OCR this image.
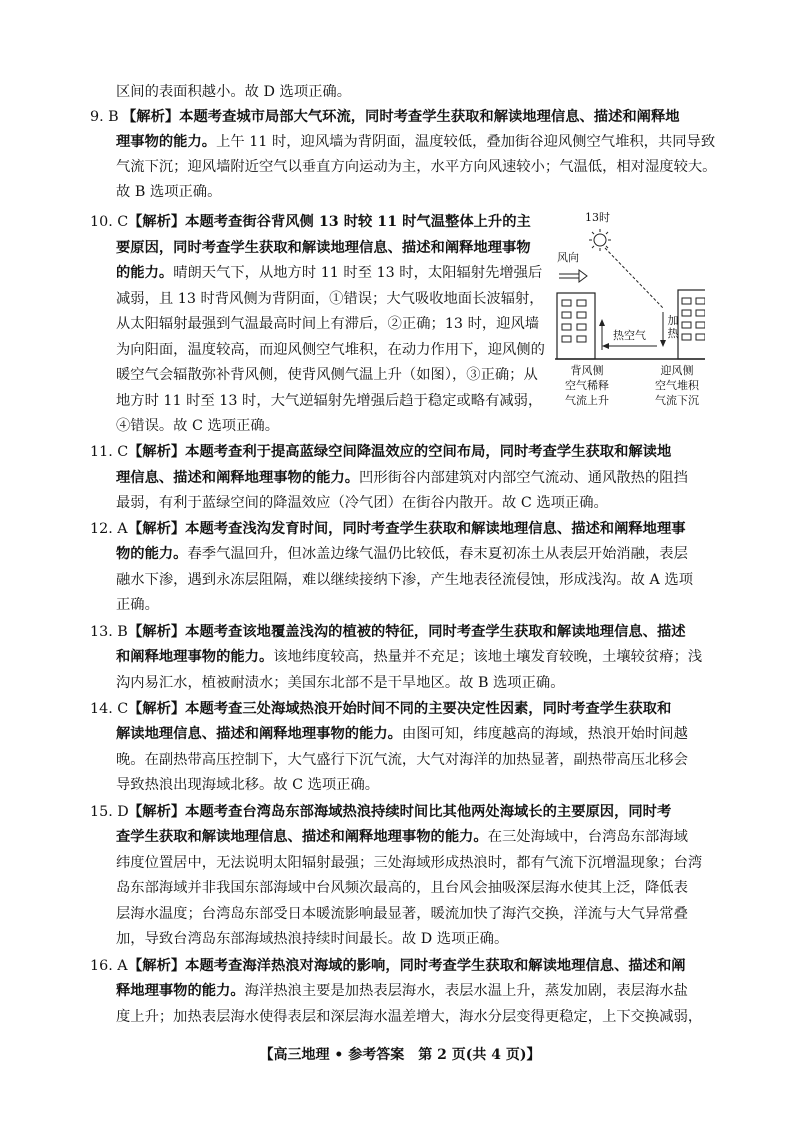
区间的表面积越小。故 D 选项正确。
9. B 【解析】本题考查城市局部大气环流，同时考查学生获取和解读地理信息、描述和阐释地
理事物的能力。上午 11 时，迎风墙为背阴面，温度较低，叠加街谷迎风侧空气堆积，共同导致
气流下沉；迎风墙附近空气以垂直方向运动为主，水平方向风速较小；气温低，相对湿度较大。
故 B 选项正确。
10. C 【解析】本题考查街谷背风侧 13 时较 11 时气温整体上升的主
要原因，同时考查学生获取和解读地理信息、描述和阐释地理事物
的能力。晴朗天气下，从地方时 11 时至 13 时，太阳辐射先增强后
减弱，且 13 时背风侧为背阴面，①错误；大气吸收地面长波辐射，
从太阳辐射最强到气温最高时间上有滞后，②正确；13 时，迎风墙
为向阳面，温度较高，而迎风侧空气堆积，在动力作用下，迎风侧的
暖空气会辐散弥补背风侧，使背风侧气温上升（如图），③正确；从
地方时 11 时至 13 时，大气逆辐射先增强后趋于稳定或略有减弱，
④错误。故 C 选项正确。
13时
风向
热空气
加热
背风侧
空气稀释
气流上升
迎风侧
空气堆积
气流下沉
11. C 【解析】本题考查利于提高蓝绿空间降温效应的空间布局，同时考查学生获取和解读地
理信息、描述和阐释地理事物的能力。凹形街谷内部建筑对内部空气流动、通风散热的阻挡
最弱，有利于蓝绿空间的降温效应（冷气团）在街谷内散开。故 C 选项正确。
12. A 【解析】本题考查浅沟发育时间，同时考查学生获取和解读地理信息、描述和阐释地理事
物的能力。春季气温回升，但冰盖边缘气温仍比较低，春末夏初冻土从表层开始消融，表层
融水下渗，遇到永冻层阻隔，难以继续接纳下渗，产生地表径流侵蚀，形成浅沟。故 A 选项
正确。
13. B 【解析】本题考查该地覆盖浅沟的植被的特征，同时考查学生获取和解读地理信息、描述
和阐释地理事物的能力。该地纬度较高，热量并不充足；该地土壤发育较晚，土壤较贫瘠；浅
沟内易汇水，植被耐渍水；美国东北部不是干旱地区。故 B 选项正确。
14. C 【解析】本题考查三处海域热浪开始时间不同的主要决定性因素，同时考查学生获取和
解读地理信息、描述和阐释地理事物的能力。由图可知，纬度越高的海域，热浪开始时间越
晚。在副热带高压控制下，大气盛行下沉气流，大气对海洋的加热显著，副热带高压北移会
导致热浪出现海域北移。故 C 选项正确。
15. D 【解析】本题考查台湾岛东部海域热浪持续时间比其他两处海域长的主要原因，同时考
查学生获取和解读地理信息、描述和阐释地理事物的能力。在三处海域中，台湾岛东部海域
纬度位置居中，无法说明太阳辐射最强；三处海域形成热浪时，都有气流下沉增温现象；台湾
岛东部海域并非我国东部海域中台风频次最高的，且台风会抽吸深层海水使其上泛，降低表
层海水温度；台湾岛东部受日本暖流影响最显著，暖流加快了海汽交换，洋流与大气异常叠
加，导致台湾岛东部海域热浪持续时间最长。故 D 选项正确。
16. A 【解析】本题考查海洋热浪对海域的影响，同时考查学生获取和解读地理信息、描述和阐
释地理事物的能力。海洋热浪主要是加热表层海水，表层水温上升，蒸发加剧，表层海水盐
度上升；加热表层海水使得表层和深层海水温差增大，海水分层变得更稳定，上下交换减弱，
【高三地理 • 参考答案　第 2 页(共 4 页)】
